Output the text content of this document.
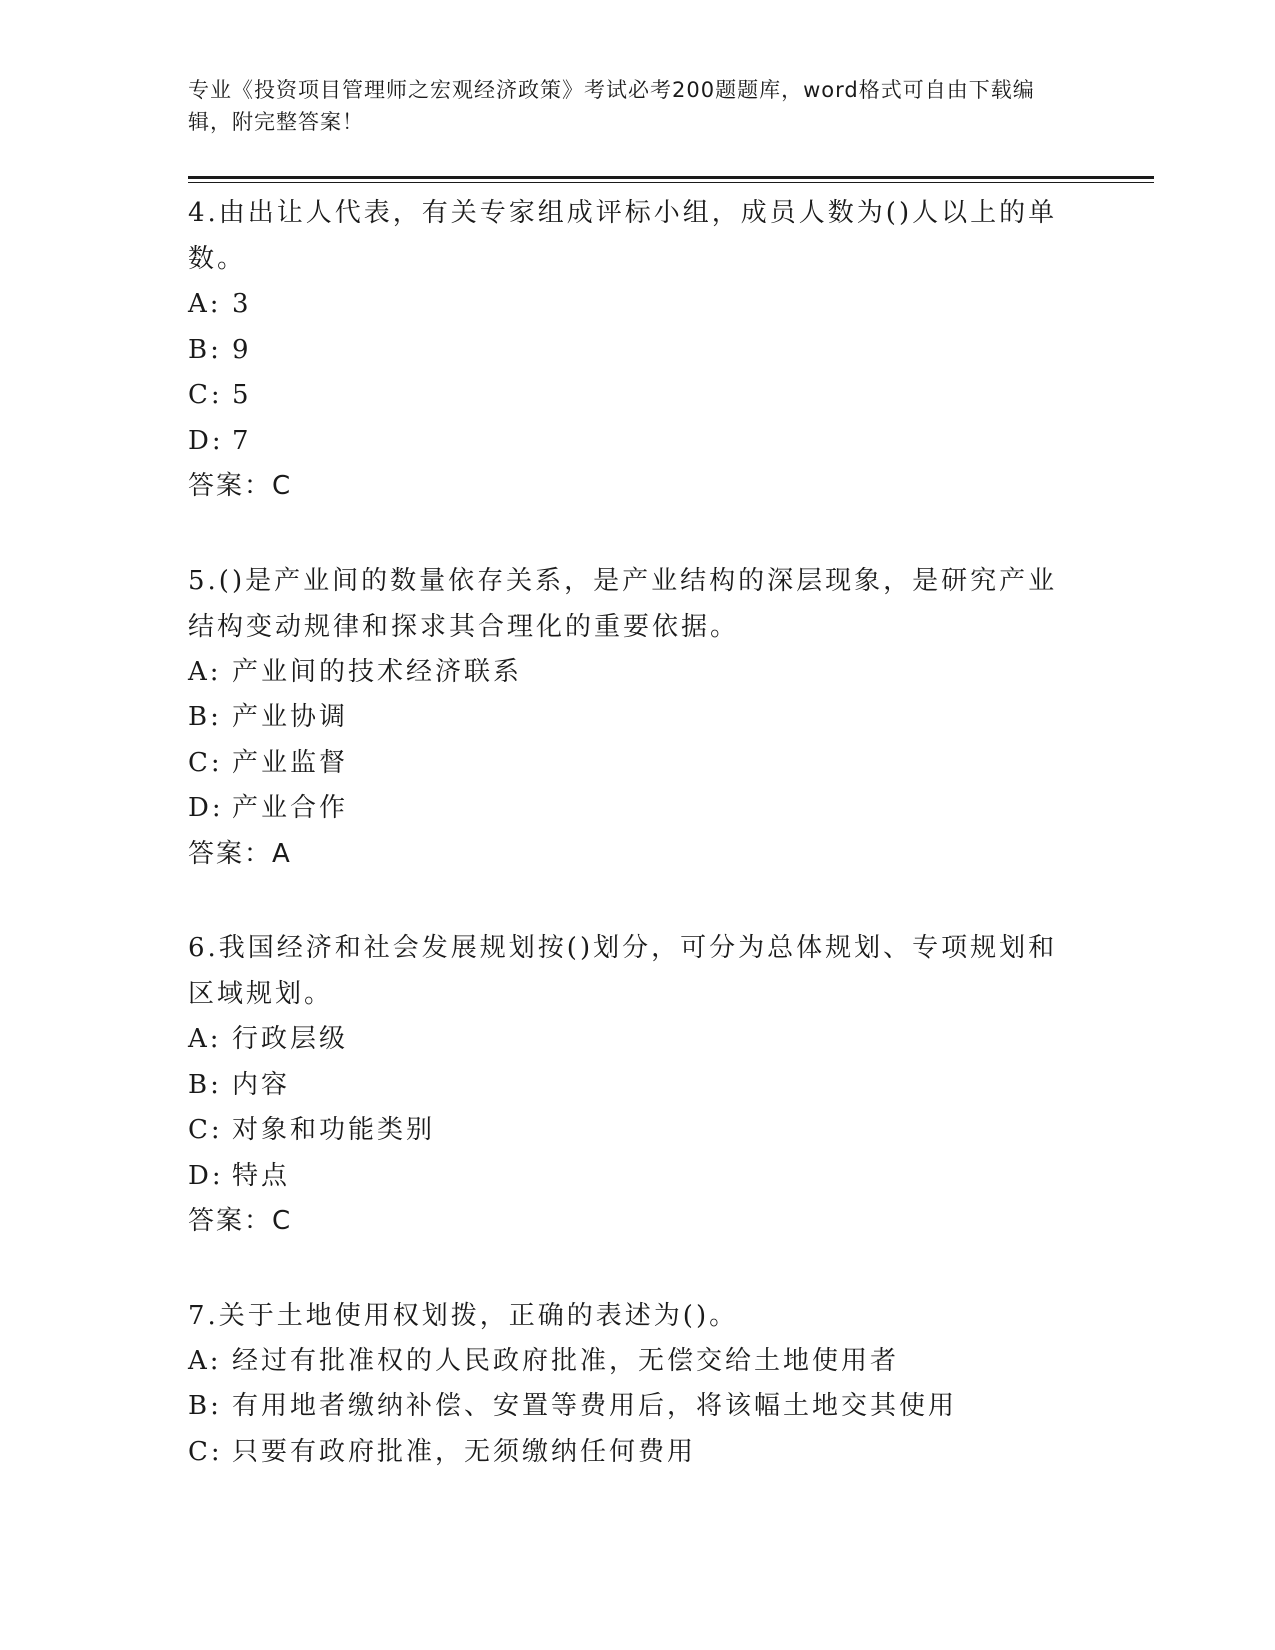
专业《投资项目管理师之宏观经济政策》考试必考200题题库，word格式可自由下载编辑，附完整答案！

4.由出让人代表，有关专家组成评标小组，成员人数为()人以上的单数。

A: 3

B: 9

C: 5

D: 7

答案：C

5.()是产业间的数量依存关系，是产业结构的深层现象，是研究产业结构变动规律和探求其合理化的重要依据。

A: 产业间的技术经济联系

B: 产业协调

C: 产业监督

D: 产业合作

答案：A

6.我国经济和社会发展规划按()划分，可分为总体规划、专项规划和区域规划。

A: 行政层级

B: 内容

C: 对象和功能类别

D: 特点

答案：C

7.关于土地使用权划拨，正确的表述为()。

A: 经过有批准权的人民政府批准，无偿交给土地使用者

B: 有用地者缴纳补偿、安置等费用后，将该幅土地交其使用

C: 只要有政府批准，无须缴纳任何费用
